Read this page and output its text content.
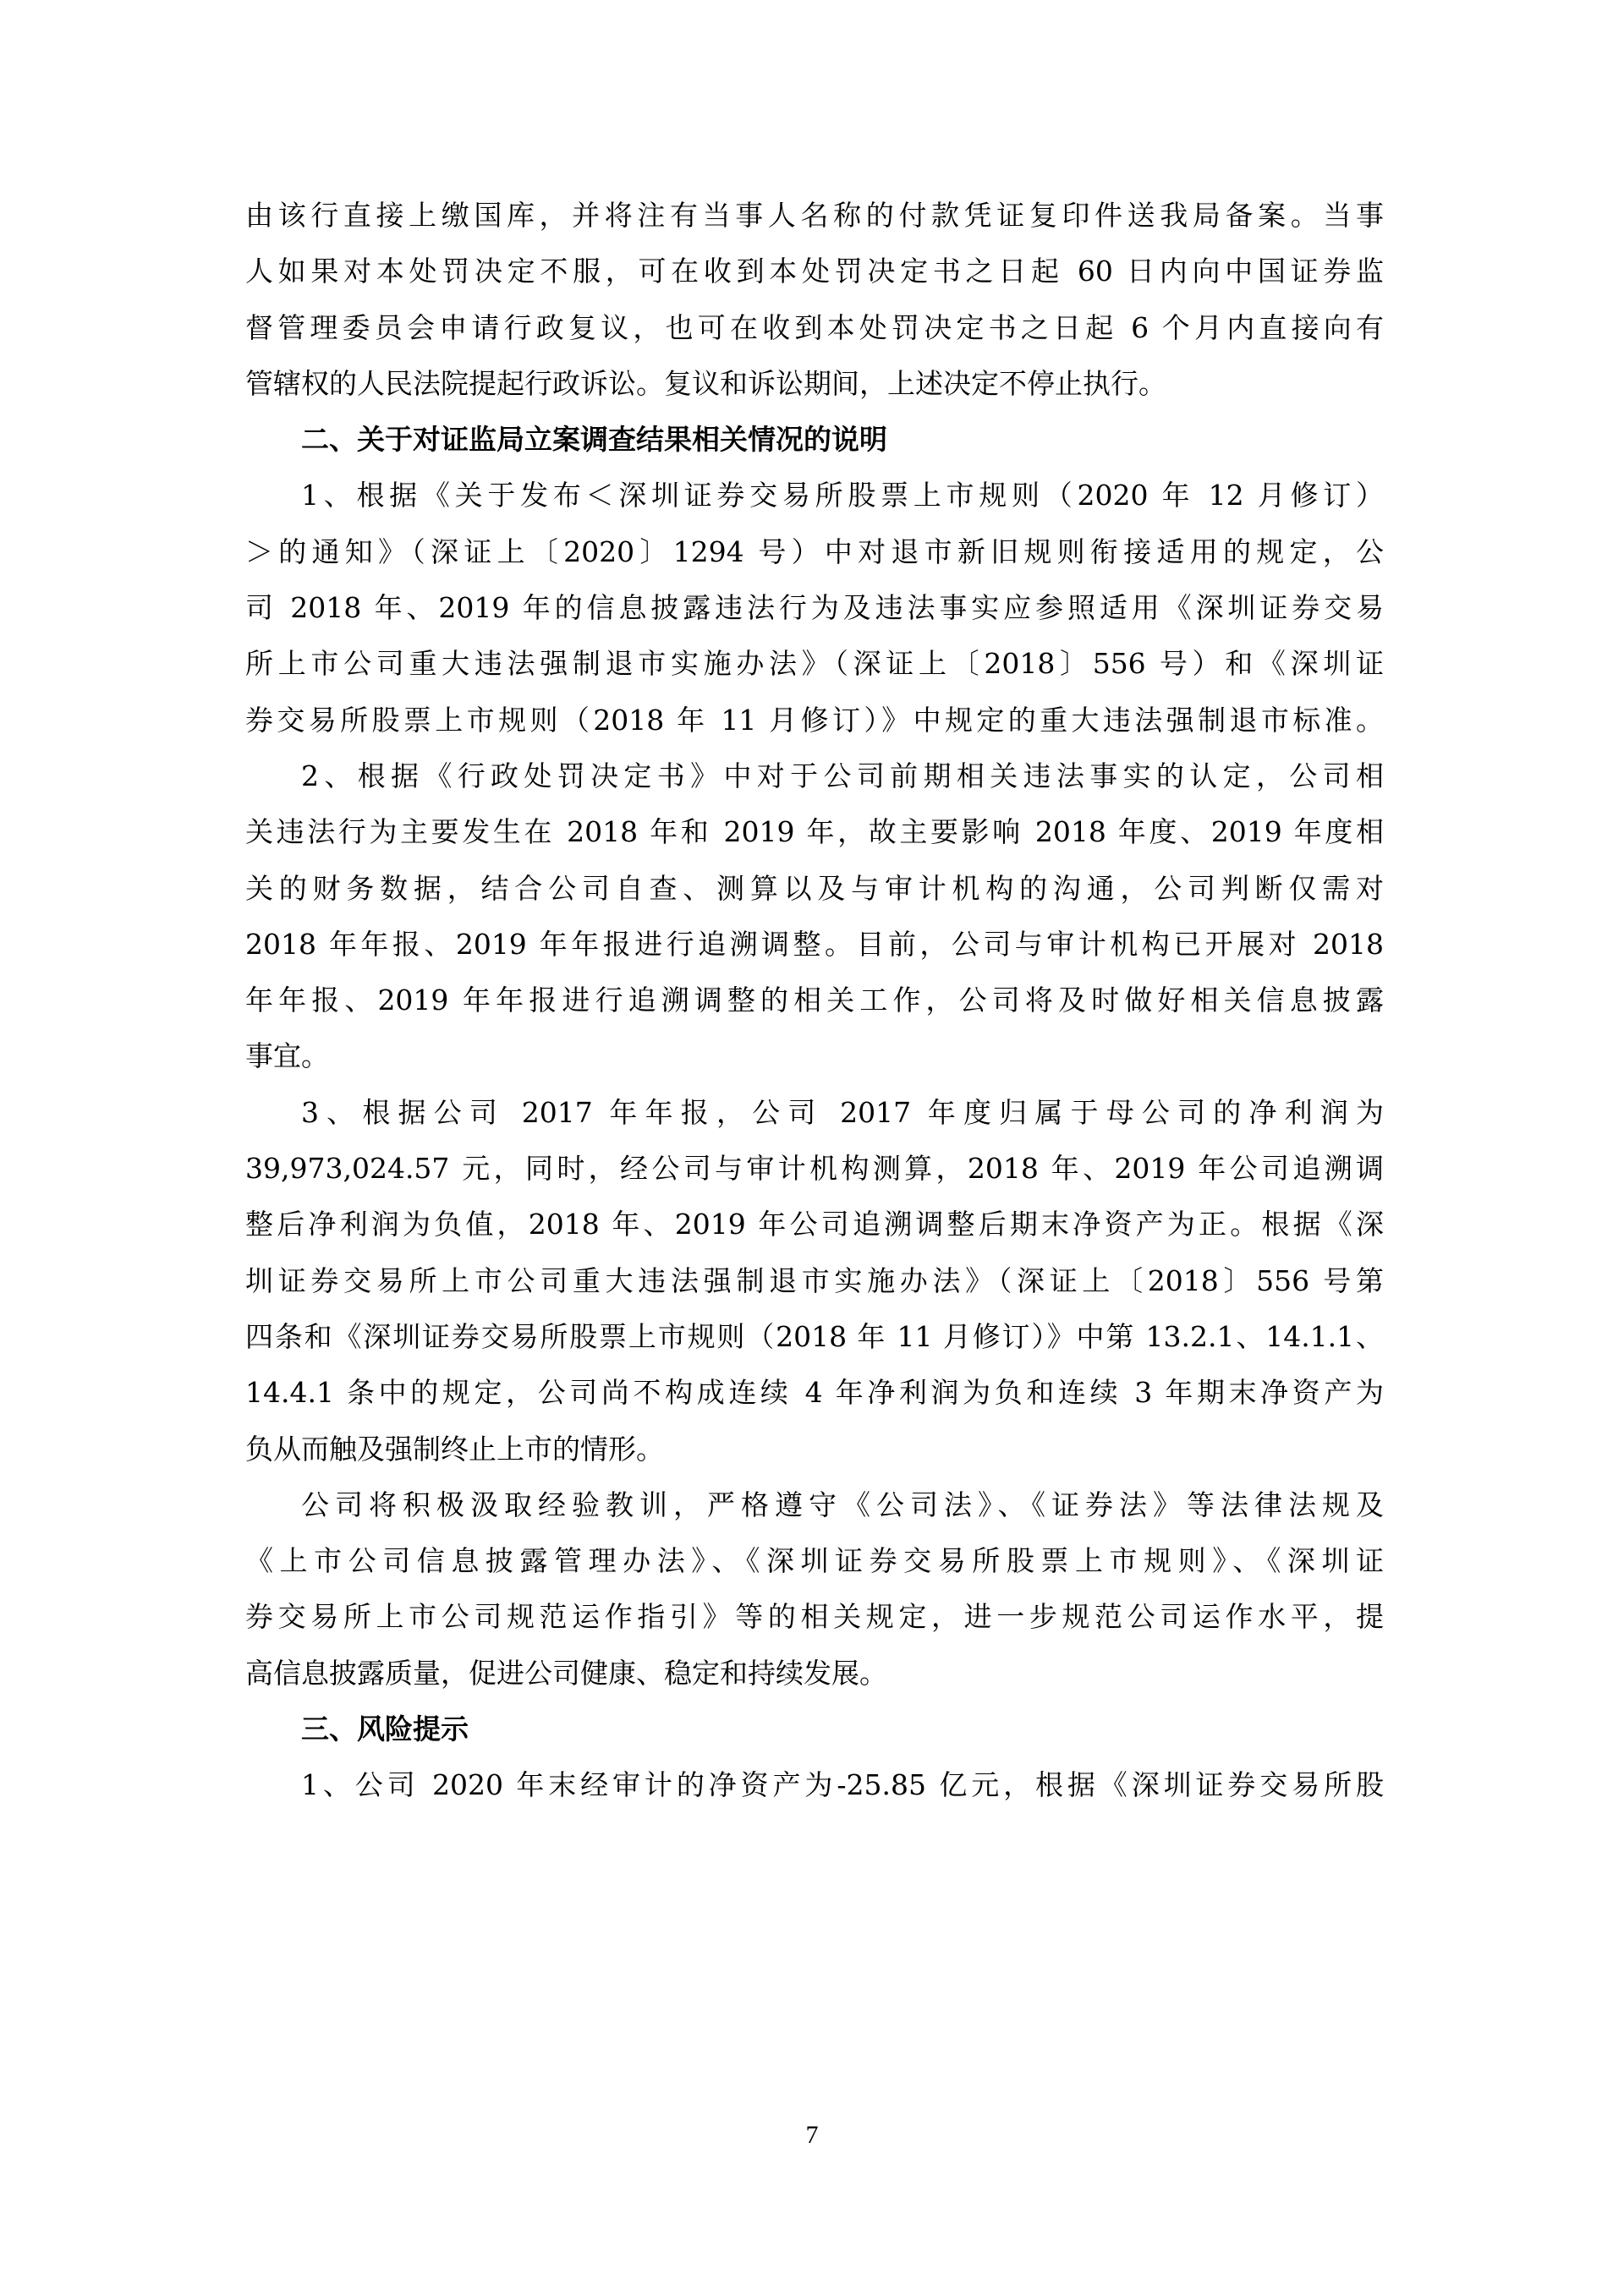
由该行直接上缴国库，并将注有当事人名称的付款凭证复印件送我局备案。当事
人如果对本处罚决定不服，可在收到本处罚决定书之日起 60 日内向中国证券监
督管理委员会申请行政复议，也可在收到本处罚决定书之日起 6 个月内直接向有
管辖权的人民法院提起行政诉讼。复议和诉讼期间，上述决定不停止执行。
二、关于对证监局立案调查结果相关情况的说明
1、根据《关于发布＜深圳证券交易所股票上市规则（2020 年 12 月修订）
＞的通知》（深证上〔2020〕1294 号）中对退市新旧规则衔接适用的规定，公
司 2018 年、2019 年的信息披露违法行为及违法事实应参照适用《深圳证券交易
所上市公司重大违法强制退市实施办法》（深证上〔2018〕556 号）和《深圳证
券交易所股票上市规则（2018 年 11 月修订）》中规定的重大违法强制退市标准。
2、根据《行政处罚决定书》中对于公司前期相关违法事实的认定，公司相
关违法行为主要发生在 2018 年和 2019 年，故主要影响 2018 年度、2019 年度相
关的财务数据，结合公司自查、测算以及与审计机构的沟通，公司判断仅需对
2018 年年报、2019 年年报进行追溯调整。目前，公司与审计机构已开展对 2018
年年报、2019 年年报进行追溯调整的相关工作，公司将及时做好相关信息披露
事宜。
3、根据公司 2017 年年报，公司 2017 年度归属于母公司的净利润为
39,973,024.57 元，同时，经公司与审计机构测算，2018 年、2019 年公司追溯调
整后净利润为负值，2018 年、2019 年公司追溯调整后期末净资产为正。根据《深
圳证券交易所上市公司重大违法强制退市实施办法》（深证上〔2018〕556 号第
四条和《深圳证券交易所股票上市规则（2018 年 11 月修订）》中第 13.2.1、14.1.1、
14.4.1 条中的规定，公司尚不构成连续 4 年净利润为负和连续 3 年期末净资产为
负从而触及强制终止上市的情形。
公司将积极汲取经验教训，严格遵守《公司法》、《证券法》等法律法规及
《上市公司信息披露管理办法》、《深圳证券交易所股票上市规则》、《深圳证
券交易所上市公司规范运作指引》等的相关规定，进一步规范公司运作水平，提
高信息披露质量，促进公司健康、稳定和持续发展。
三、风险提示
1、公司 2020 年末经审计的净资产为-25.85 亿元，根据《深圳证券交易所股
7
